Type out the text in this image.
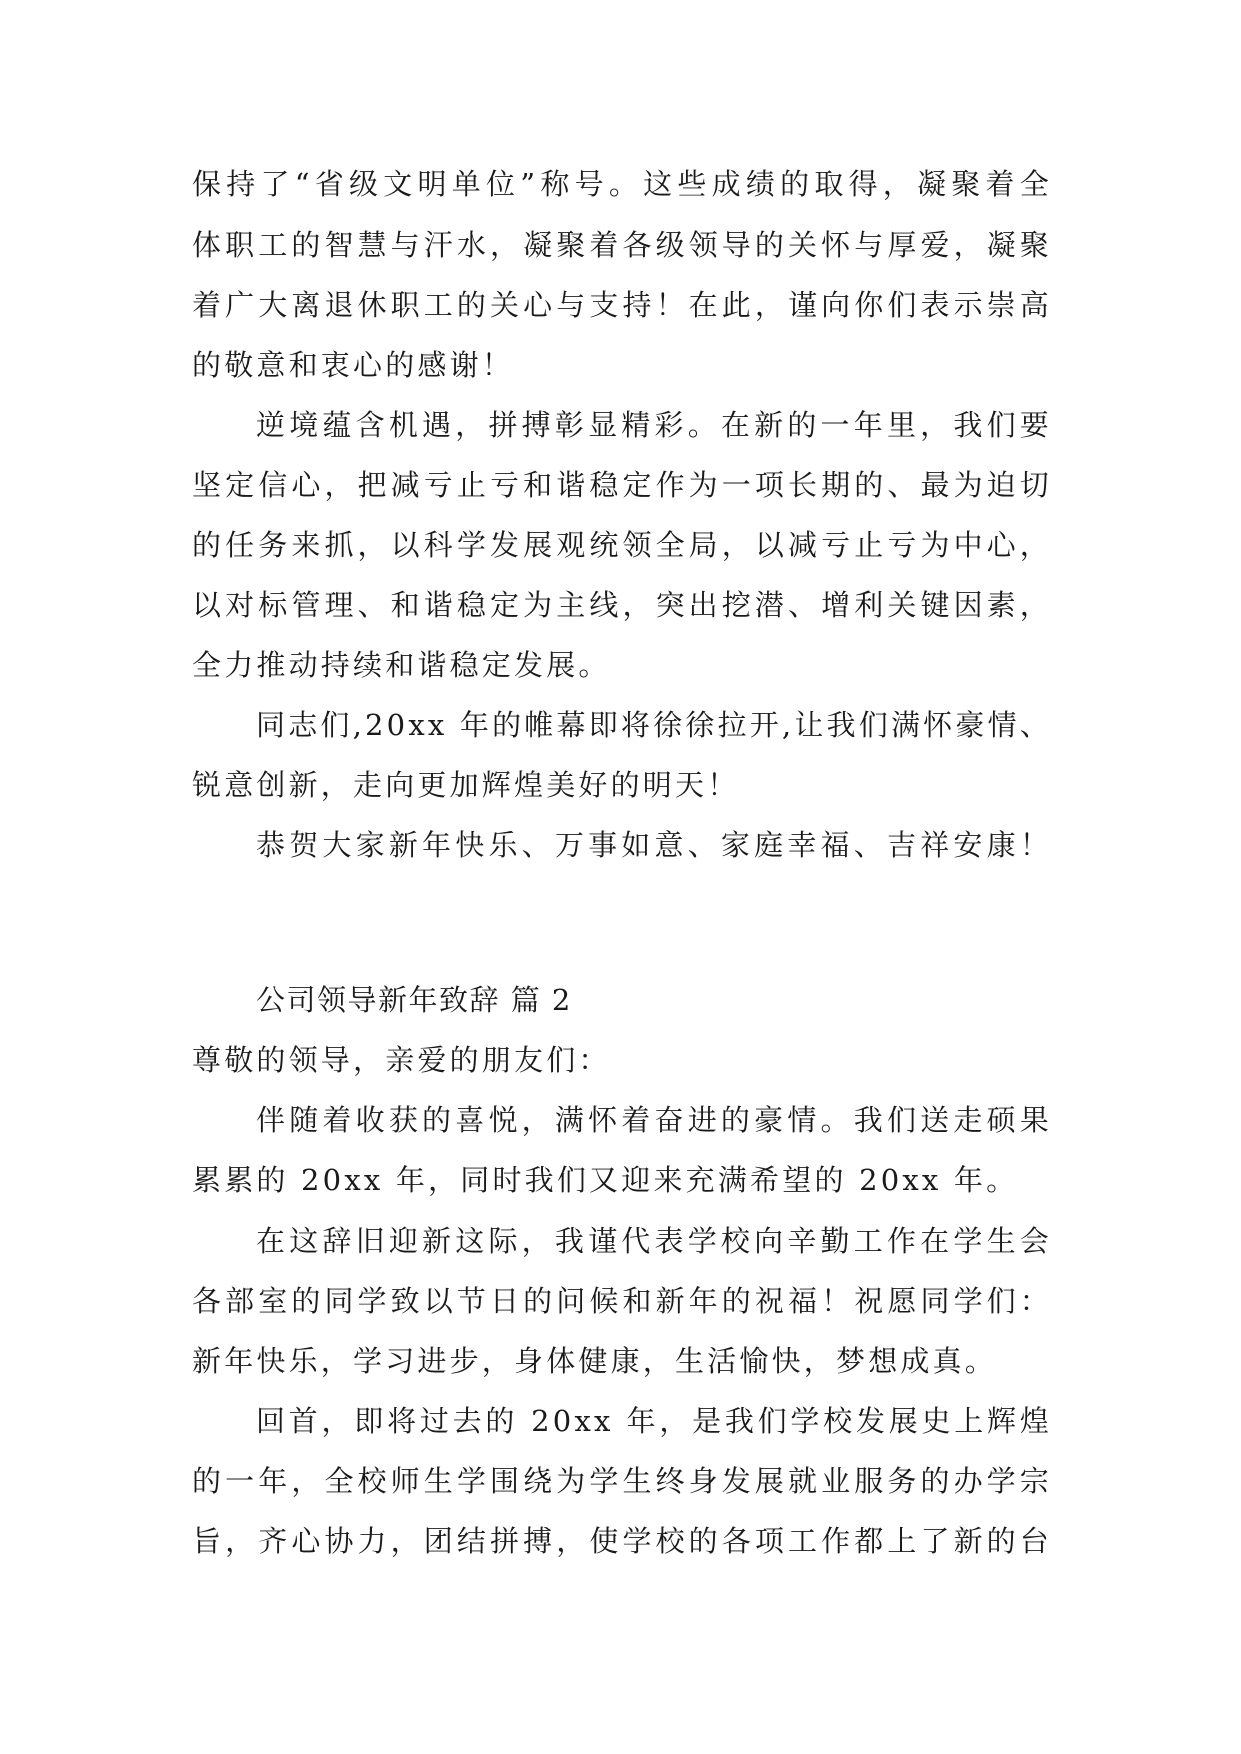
保持了“省级文明单位”称号。这些成绩的取得，凝聚着全
体职工的智慧与汗水，凝聚着各级领导的关怀与厚爱，凝聚
着广大离退休职工的关心与支持！在此，谨向你们表示崇高
的敬意和衷心的感谢！
逆境蕴含机遇，拼搏彰显精彩。在新的一年里，我们要
坚定信心，把减亏止亏和谐稳定作为一项长期的、最为迫切
的任务来抓，以科学发展观统领全局，以减亏止亏为中心，
以对标管理、和谐稳定为主线，突出挖潜、增利关键因素，
全力推动持续和谐稳定发展。
同志们,20xx 年的帷幕即将徐徐拉开,让我们满怀豪情、
锐意创新，走向更加辉煌美好的明天！
恭贺大家新年快乐、万事如意、家庭幸福、吉祥安康！
公司领导新年致辞 篇 2
尊敬的领导，亲爱的朋友们：
伴随着收获的喜悦，满怀着奋进的豪情。我们送走硕果
累累的 20xx 年，同时我们又迎来充满希望的 20xx 年。
在这辞旧迎新这际，我谨代表学校向辛勤工作在学生会
各部室的同学致以节日的问候和新年的祝福！祝愿同学们：
新年快乐，学习进步，身体健康，生活愉快，梦想成真。
回首，即将过去的 20xx 年，是我们学校发展史上辉煌
的一年，全校师生学围绕为学生终身发展就业服务的办学宗
旨，齐心协力，团结拼搏，使学校的各项工作都上了新的台
